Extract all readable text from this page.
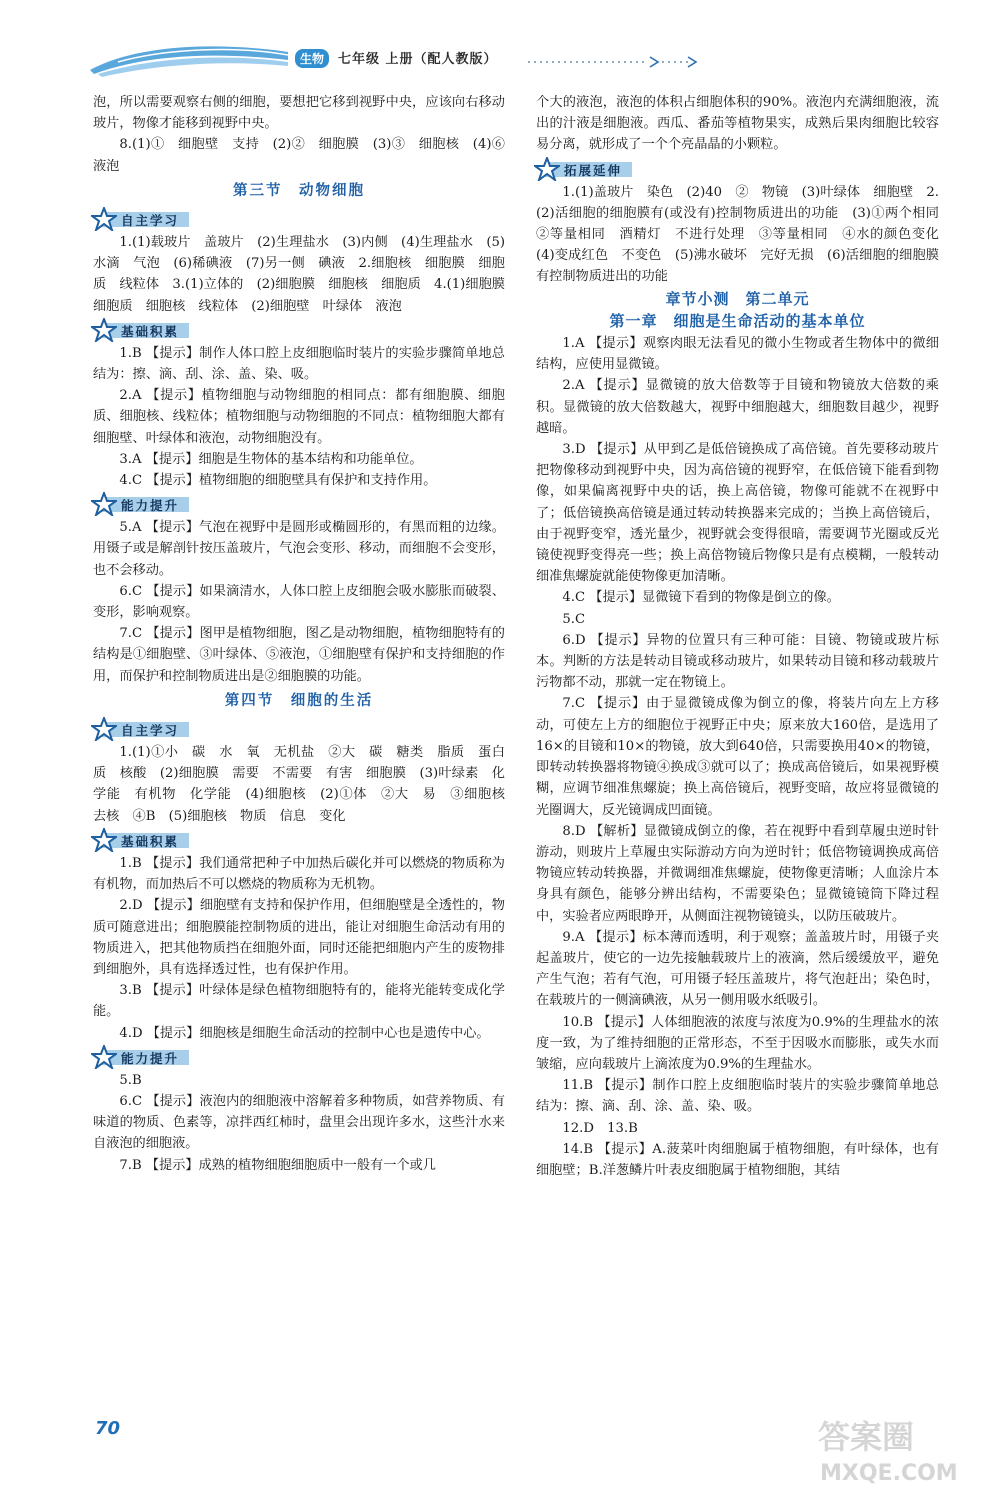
生物	七年级 上册（配人教版）
泡，所以需要观察右侧的细胞，要想把它移到视野中央，应该向右移动玻片，物像才能移到视野中央。
8.(1)①　细胞壁　支持　(2)②　细胞膜　(3)③　细胞核　(4)⑥　液泡
第三节　动物细胞
自主学习
1.(1)载玻片　盖玻片　(2)生理盐水　(3)内侧　(4)生理盐水　(5)水滴　气泡　(6)稀碘液　(7)另一侧　碘液　2.细胞核　细胞膜　细胞质　线粒体　3.(1)立体的　(2)细胞膜　细胞核　细胞质　4.(1)细胞膜　细胞质　细胞核　线粒体　(2)细胞壁　叶绿体　液泡
基础积累
1.B 【提示】制作人体口腔上皮细胞临时装片的实验步骤简单地总结为：擦、滴、刮、涂、盖、染、吸。
2.A 【提示】植物细胞与动物细胞的相同点：都有细胞膜、细胞质、细胞核、线粒体；植物细胞与动物细胞的不同点：植物细胞大都有细胞壁、叶绿体和液泡，动物细胞没有。
3.A 【提示】细胞是生物体的基本结构和功能单位。
4.C 【提示】植物细胞的细胞壁具有保护和支持作用。
能力提升
5.A 【提示】气泡在视野中是圆形或椭圆形的，有黑而粗的边缘。用镊子或是解剖针按压盖玻片，气泡会变形、移动，而细胞不会变形，也不会移动。
6.C 【提示】如果滴清水，人体口腔上皮细胞会吸水膨胀而破裂、变形，影响观察。
7.C 【提示】图甲是植物细胞，图乙是动物细胞，植物细胞特有的结构是①细胞壁、③叶绿体、⑤液泡，①细胞壁有保护和支持细胞的作用，而保护和控制物质进出是②细胞膜的功能。
第四节　细胞的生活
自主学习
1.(1)①小　碳　水　氧　无机盐　②大　碳　糖类　脂质　蛋白质　核酸　(2)细胞膜　需要　不需要　有害　细胞膜　(3)叶绿素　化学能　有机物　化学能　(4)细胞核　(2)①体　②大　易　③细胞核　去核　④B　(5)细胞核　物质　信息　变化
基础积累
1.B 【提示】我们通常把种子中加热后碳化并可以燃烧的物质称为有机物，而加热后不可以燃烧的物质称为无机物。
2.D 【提示】细胞壁有支持和保护作用，但细胞壁是全透性的，物质可随意进出；细胞膜能控制物质的进出，能让对细胞生命活动有用的物质进入，把其他物质挡在细胞外面，同时还能把细胞内产生的废物排到细胞外，具有选择透过性，也有保护作用。
3.B 【提示】叶绿体是绿色植物细胞特有的，能将光能转变成化学能。
4.D 【提示】细胞核是细胞生命活动的控制中心也是遗传中心。
能力提升
5.B
6.C 【提示】液泡内的细胞液中溶解着多种物质，如营养物质、有味道的物质、色素等，凉拌西红柿时，盘里会出现许多水，这些汁水来自液泡的细胞液。
7.B 【提示】成熟的植物细胞细胞质中一般有一个或几
个大的液泡，液泡的体积占细胞体积的90%。液泡内充满细胞液，流出的汁液是细胞液。西瓜、番茄等植物果实，成熟后果肉细胞比较容易分离，就形成了一个个亮晶晶的小颗粒。
拓展延伸
1.(1)盖玻片　染色　(2)40　②　物镜　(3)叶绿体　细胞壁　2.(2)活细胞的细胞膜有(或没有)控制物质进出的功能　(3)①两个相同　②等量相同　酒精灯　不进行处理　③等量相同　④水的颜色变化　(4)变成红色　不变色　(5)沸水破坏　完好无损　(6)活细胞的细胞膜有控制物质进出的功能
章节小测　第二单元
第一章　细胞是生命活动的基本单位
1.A 【提示】观察肉眼无法看见的微小生物或者生物体中的微细结构，应使用显微镜。
2.A 【提示】显微镜的放大倍数等于目镜和物镜放大倍数的乘积。显微镜的放大倍数越大，视野中细胞越大，细胞数目越少，视野越暗。
3.D 【提示】从甲到乙是低倍镜换成了高倍镜。首先要移动玻片把物像移动到视野中央，因为高倍镜的视野窄，在低倍镜下能看到物像，如果偏离视野中央的话，换上高倍镜，物像可能就不在视野中了；低倍镜换高倍镜是通过转动转换器来完成的；当换上高倍镜后，由于视野变窄，透光量少，视野就会变得很暗，需要调节光圈或反光镜使视野变得亮一些；换上高倍物镜后物像只是有点模糊，一般转动细准焦螺旋就能使物像更加清晰。
4.C 【提示】显微镜下看到的物像是倒立的像。
5.C
6.D 【提示】异物的位置只有三种可能：目镜、物镜或玻片标本。判断的方法是转动目镜或移动玻片，如果转动目镜和移动载玻片污物都不动，那就一定在物镜上。
7.C 【提示】由于显微镜成像为倒立的像，将装片向左上方移动，可使左上方的细胞位于视野正中央；原来放大160倍，是选用了16×的目镜和10×的物镜，放大到640倍，只需要换用40×的物镜，即转动转换器将物镜④换成③就可以了；换成高倍镜后，如果视野模糊，应调节细准焦螺旋；换上高倍镜后，视野变暗，故应将显微镜的光圈调大，反光镜调成凹面镜。
8.D 【解析】显微镜成倒立的像，若在视野中看到草履虫逆时针游动，则玻片上草履虫实际游动方向为逆时针；低倍物镜调换成高倍物镜应转动转换器，并微调细准焦螺旋，使物像更清晰；人血涂片本身具有颜色，能够分辨出结构，不需要染色；显微镜镜筒下降过程中，实验者应两眼睁开，从侧面注视物镜镜头，以防压破玻片。
9.A 【提示】标本薄而透明，利于观察；盖盖玻片时，用镊子夹起盖玻片，使它的一边先接触载玻片上的液滴，然后缓缓放平，避免产生气泡；若有气泡，可用镊子轻压盖玻片，将气泡赶出；染色时，在载玻片的一侧滴碘液，从另一侧用吸水纸吸引。
10.B 【提示】人体细胞液的浓度与浓度为0.9%的生理盐水的浓度一致，为了维持细胞的正常形态，不至于因吸水而膨胀，或失水而皱缩，应向载玻片上滴浓度为0.9%的生理盐水。
11.B 【提示】制作口腔上皮细胞临时装片的实验步骤简单地总结为：擦、滴、刮、涂、盖、染、吸。
12.D　13.B
14.B 【提示】A.菠菜叶肉细胞属于植物细胞，有叶绿体，也有细胞壁；B.洋葱鳞片叶表皮细胞属于植物细胞，其结
70	答案圈
MXQE.COM
